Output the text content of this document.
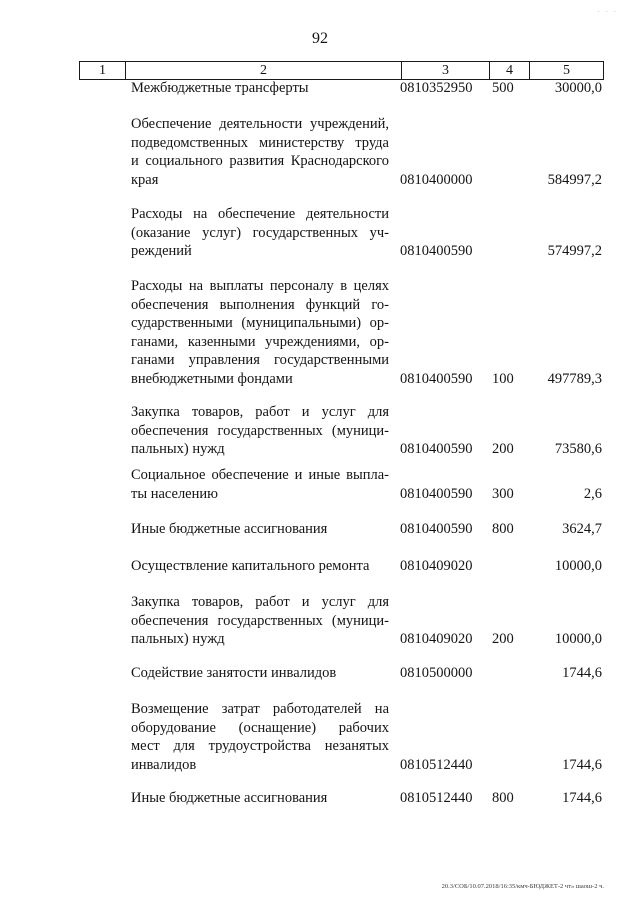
· · ·
92
1	2	3	4	5
Межбюджетные трансферты	0810352950 500	30000,0
Обеспечение деятельности учреждений,
подведомственных министерству труда
и социального развития Краснодарского
края	0810400000	584997,2
Расходы на обеспечение деятельности
(оказание услуг) государственных уч-
реждений	0810400590	574997,2
Расходы на выплаты персоналу в целях
обеспечения выполнения функций го-
сударственными (муниципальными) ор-
ганами, казенными учреждениями, ор-
ганами управления государственными
внебюджетными фондами	0810400590 100 497789,3
Закупка товаров, работ и услуг для
обеспечения государственных (муници-
пальных) нужд	0810400590 200	73580,6
Социальное обеспечение и иные выпла-
ты населению	0810400590 300	2,6
Иные бюджетные ассигнования	0810400590 800	3624,7
Осуществление капитального ремонта	0810409020	10000,0
Закупка товаров, работ и услуг для
обеспечения государственных (муници-
пальных) нужд	0810409020 200	10000,0
Содействие занятости инвалидов	0810500000	1744,6
Возмещение затрат работодателей на
оборудование (оснащение) рабочих
мест для трудоустройства незанятых
инвалидов	0810512440	1744,6
Иные бюджетные ассигнования	0810512440 800	1744,6
20.3/СОБ/10.07.2018/16:35/кмч-БЮДЖЕТ-2 чт» шаош-2 ч.
